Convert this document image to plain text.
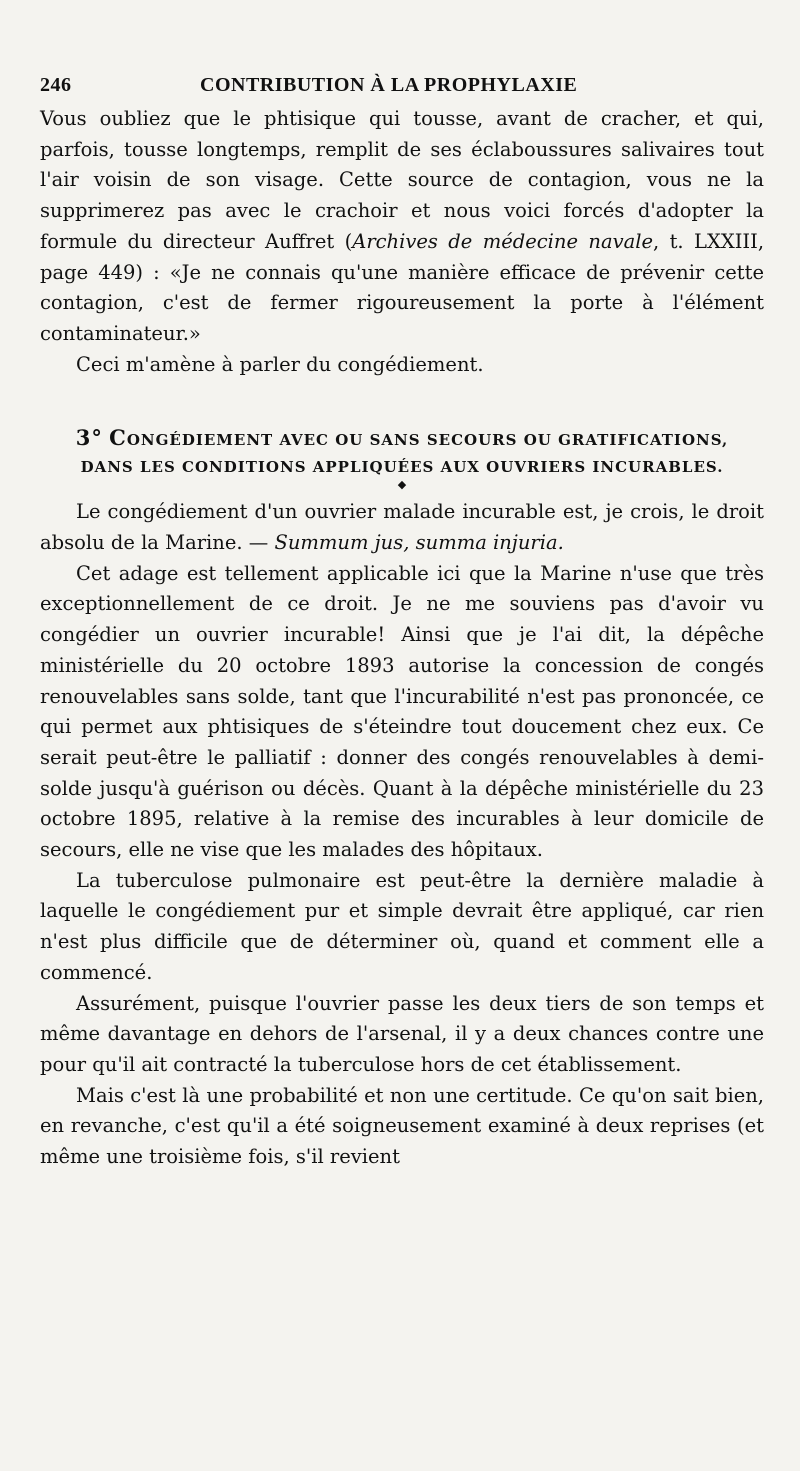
246	CONTRIBUTION À LA PROPHYLAXIE

Vous oubliez que le phtisique qui tousse, avant de cracher, et qui, parfois, tousse longtemps, remplit de ses éclaboussures salivaires tout l'air voisin de son visage. Cette source de contagion, vous ne la supprimerez pas avec le crachoir et nous voici forcés d'adopter la formule du directeur Auffret (Archives de médecine navale, t. LXXIII, page 449) : «Je ne connais qu'une manière efficace de prévenir cette contagion, c'est de fermer rigoureusement la porte à l'élément contaminateur.»

Ceci m'amène à parler du congédiement.

3° CONGÉDIEMENT AVEC OU SANS SECOURS OU GRATIFICATIONS,
DANS LES CONDITIONS APPLIQUÉES AUX OUVRIERS INCURABLES.
◆

Le congédiement d'un ouvrier malade incurable est, je crois, le droit absolu de la Marine. — Summum jus, summa injuria.

Cet adage est tellement applicable ici que la Marine n'use que très exceptionnellement de ce droit. Je ne me souviens pas d'avoir vu congédier un ouvrier incurable! Ainsi que je l'ai dit, la dépêche ministérielle du 20 octobre 1893 autorise la concession de congés renouvelables sans solde, tant que l'incurabilité n'est pas prononcée, ce qui permet aux phtisiques de s'éteindre tout doucement chez eux. Ce serait peut-être le palliatif : donner des congés renouvelables à demi-solde jusqu'à guérison ou décès. Quant à la dépêche ministérielle du 23 octobre 1895, relative à la remise des incurables à leur domicile de secours, elle ne vise que les malades des hôpitaux.

La tuberculose pulmonaire est peut-être la dernière maladie à laquelle le congédiement pur et simple devrait être appliqué, car rien n'est plus difficile que de déterminer où, quand et comment elle a commencé.

Assurément, puisque l'ouvrier passe les deux tiers de son temps et même davantage en dehors de l'arsenal, il y a deux chances contre une pour qu'il ait contracté la tuberculose hors de cet établissement.

Mais c'est là une probabilité et non une certitude. Ce qu'on sait bien, en revanche, c'est qu'il a été soigneusement examiné à deux reprises (et même une troisième fois, s'il revient
